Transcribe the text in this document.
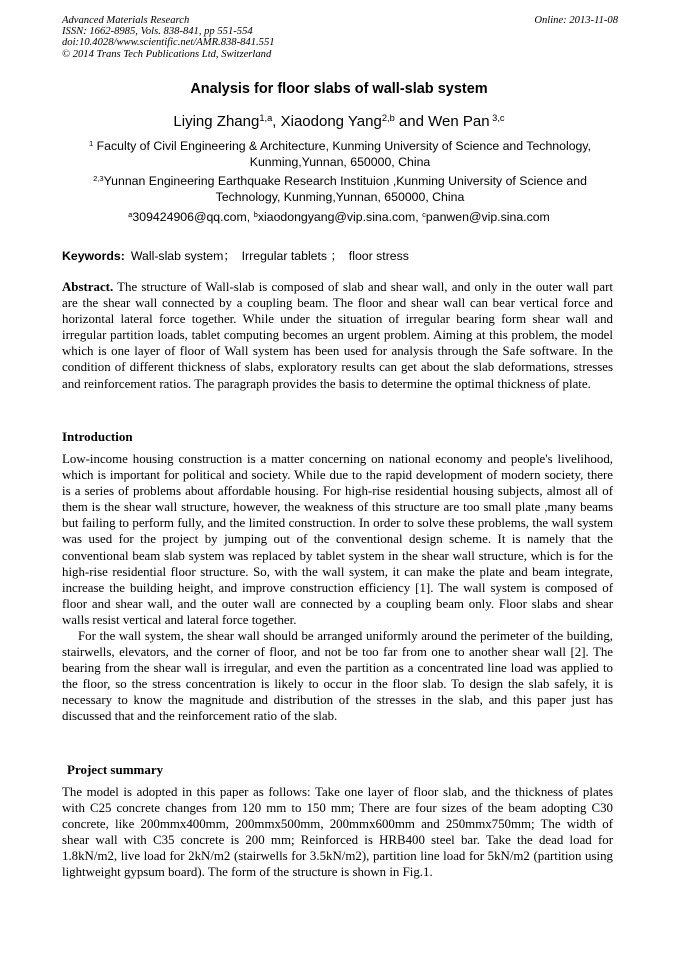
Advanced Materials Research
ISSN: 1662-8985, Vols. 838-841, pp 551-554
doi:10.4028/www.scientific.net/AMR.838-841.551
© 2014 Trans Tech Publications Ltd, Switzerland
Online: 2013-11-08
Analysis for floor slabs of wall-slab system
Liying Zhang$^{1,a}$, Xiaodong Yang$^{2,b}$ and Wen Pan $^{3,c}$
$^1$ Faculty of Civil Engineering & Architecture, Kunming University of Science and Technology, Kunming,Yunnan, 650000, China
$^{2,3}$Yunnan Engineering Earthquake Research Instituion ,Kunming University of Science and Technology, Kunming,Yunnan, 650000, China
$^a$309424906@qq.com, $^b$xiaodongyang@vip.sina.com, $^c$panwen@vip.sina.com
Keywords: Wall-slab system； Irregular tablets ； floor stress
Abstract. The structure of Wall-slab is composed of slab and shear wall, and only in the outer wall part are the shear wall connected by a coupling beam. The floor and shear wall can bear vertical force and horizontal lateral force together. While under the situation of irregular bearing form shear wall and irregular partition loads, tablet computing becomes an urgent problem. Aiming at this problem, the model which is one layer of floor of Wall system has been used for analysis through the Safe software. In the condition of different thickness of slabs, exploratory results can get about the slab deformations, stresses and reinforcement ratios. The paragraph provides the basis to determine the optimal thickness of plate.
Introduction
Low-income housing construction is a matter concerning on national economy and people's livelihood, which is important for political and society. While due to the rapid development of modern society, there is a series of problems about affordable housing. For high-rise residential housing subjects, almost all of them is the shear wall structure, however, the weakness of this structure are too small plate ,many beams but failing to perform fully, and the limited construction. In order to solve these problems, the wall system was used for the project by jumping out of the conventional design scheme. It is namely that the conventional beam slab system was replaced by tablet system in the shear wall structure, which is for the high-rise residential floor structure. So, with the wall system, it can make the plate and beam integrate, increase the building height, and improve construction efficiency [1]. The wall system is composed of floor and shear wall, and the outer wall are connected by a coupling beam only. Floor slabs and shear walls resist vertical and lateral force together.
For the wall system, the shear wall should be arranged uniformly around the perimeter of the building, stairwells, elevators, and the corner of floor, and not be too far from one to another shear wall [2]. The bearing from the shear wall is irregular, and even the partition as a concentrated line load was applied to the floor, so the stress concentration is likely to occur in the floor slab. To design the slab safely, it is necessary to know the magnitude and distribution of the stresses in the slab, and this paper just has discussed that and the reinforcement ratio of the slab.
Project summary
The model is adopted in this paper as follows: Take one layer of floor slab, and the thickness of plates with C25 concrete changes from 120 mm to 150 mm; There are four sizes of the beam adopting C30 concrete, like 200mmx400mm, 200mmx500mm, 200mmx600mm and 250mmx750mm; The width of shear wall with C35 concrete is 200 mm; Reinforced is HRB400 steel bar. Take the dead load for 1.8kN/m2, live load for 2kN/m2 (stairwells for 3.5kN/m2), partition line load for 5kN/m2 (partition using lightweight gypsum board). The form of the structure is shown in Fig.1.
